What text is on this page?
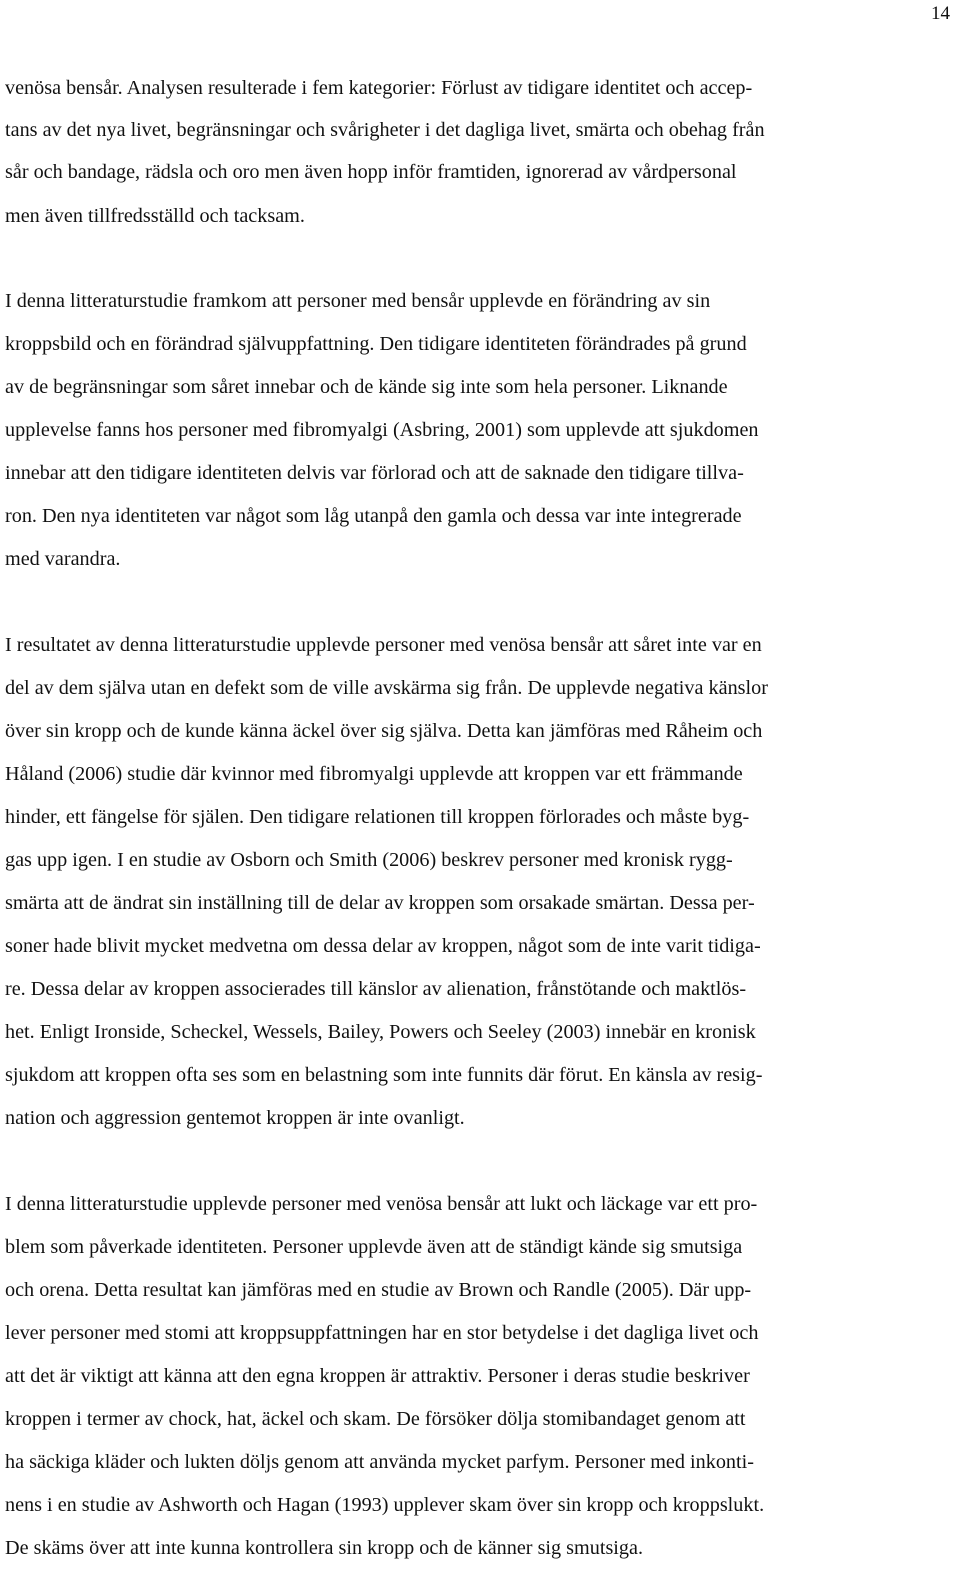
14
venösa bensår. Analysen resulterade i fem kategorier: Förlust av tidigare identitet och accep-
tans av det nya livet, begränsningar och svårigheter i det dagliga livet, smärta och obehag från
sår och bandage, rädsla och oro men även hopp inför framtiden, ignorerad av vårdpersonal
men även tillfredsställd och tacksam.
I denna litteraturstudie framkom att personer med bensår upplevde en förändring av sin
kroppsbild och en förändrad självuppfattning. Den tidigare identiteten förändrades på grund
av de begränsningar som såret innebar och de kände sig inte som hela personer. Liknande
upplevelse fanns hos personer med fibromyalgi (Asbring, 2001) som upplevde att sjukdomen
innebar att den tidigare identiteten delvis var förlorad och att de saknade den tidigare tillva-
ron. Den nya identiteten var något som låg utanpå den gamla och dessa var inte integrerade
med varandra.
I resultatet av denna litteraturstudie upplevde personer med venösa bensår att såret inte var en
del av dem själva utan en defekt som de ville avskärma sig från. De upplevde negativa känslor
över sin kropp och de kunde känna äckel över sig själva. Detta kan jämföras med Råheim och
Håland (2006) studie där kvinnor med fibromyalgi upplevde att kroppen var ett främmande
hinder, ett fängelse för själen. Den tidigare relationen till kroppen förlorades och måste byg-
gas upp igen. I en studie av Osborn och Smith (2006) beskrev personer med kronisk rygg-
smärta att de ändrat sin inställning till de delar av kroppen som orsakade smärtan. Dessa per-
soner hade blivit mycket medvetna om dessa delar av kroppen, något som de inte varit tidiga-
re. Dessa delar av kroppen associerades till känslor av alienation, frånstötande och maktlös-
het. Enligt Ironside, Scheckel, Wessels, Bailey, Powers och Seeley (2003) innebär en kronisk
sjukdom att kroppen ofta ses som en belastning som inte funnits där förut. En känsla av resig-
nation och aggression gentemot kroppen är inte ovanligt.
I denna litteraturstudie upplevde personer med venösa bensår att lukt och läckage var ett pro-
blem som påverkade identiteten. Personer upplevde även att de ständigt kände sig smutsiga
och orena. Detta resultat kan jämföras med en studie av Brown och Randle (2005). Där upp-
lever personer med stomi att kroppsuppfattningen har en stor betydelse i det dagliga livet och
att det är viktigt att känna att den egna kroppen är attraktiv. Personer i deras studie beskriver
kroppen i termer av chock, hat, äckel och skam. De försöker dölja stomibandaget genom att
ha säckiga kläder och lukten döljs genom att använda mycket parfym. Personer med inkonti-
nens i en studie av Ashworth och Hagan (1993) upplever skam över sin kropp och kroppslukt.
De skäms över att inte kunna kontrollera sin kropp och de känner sig smutsiga.
